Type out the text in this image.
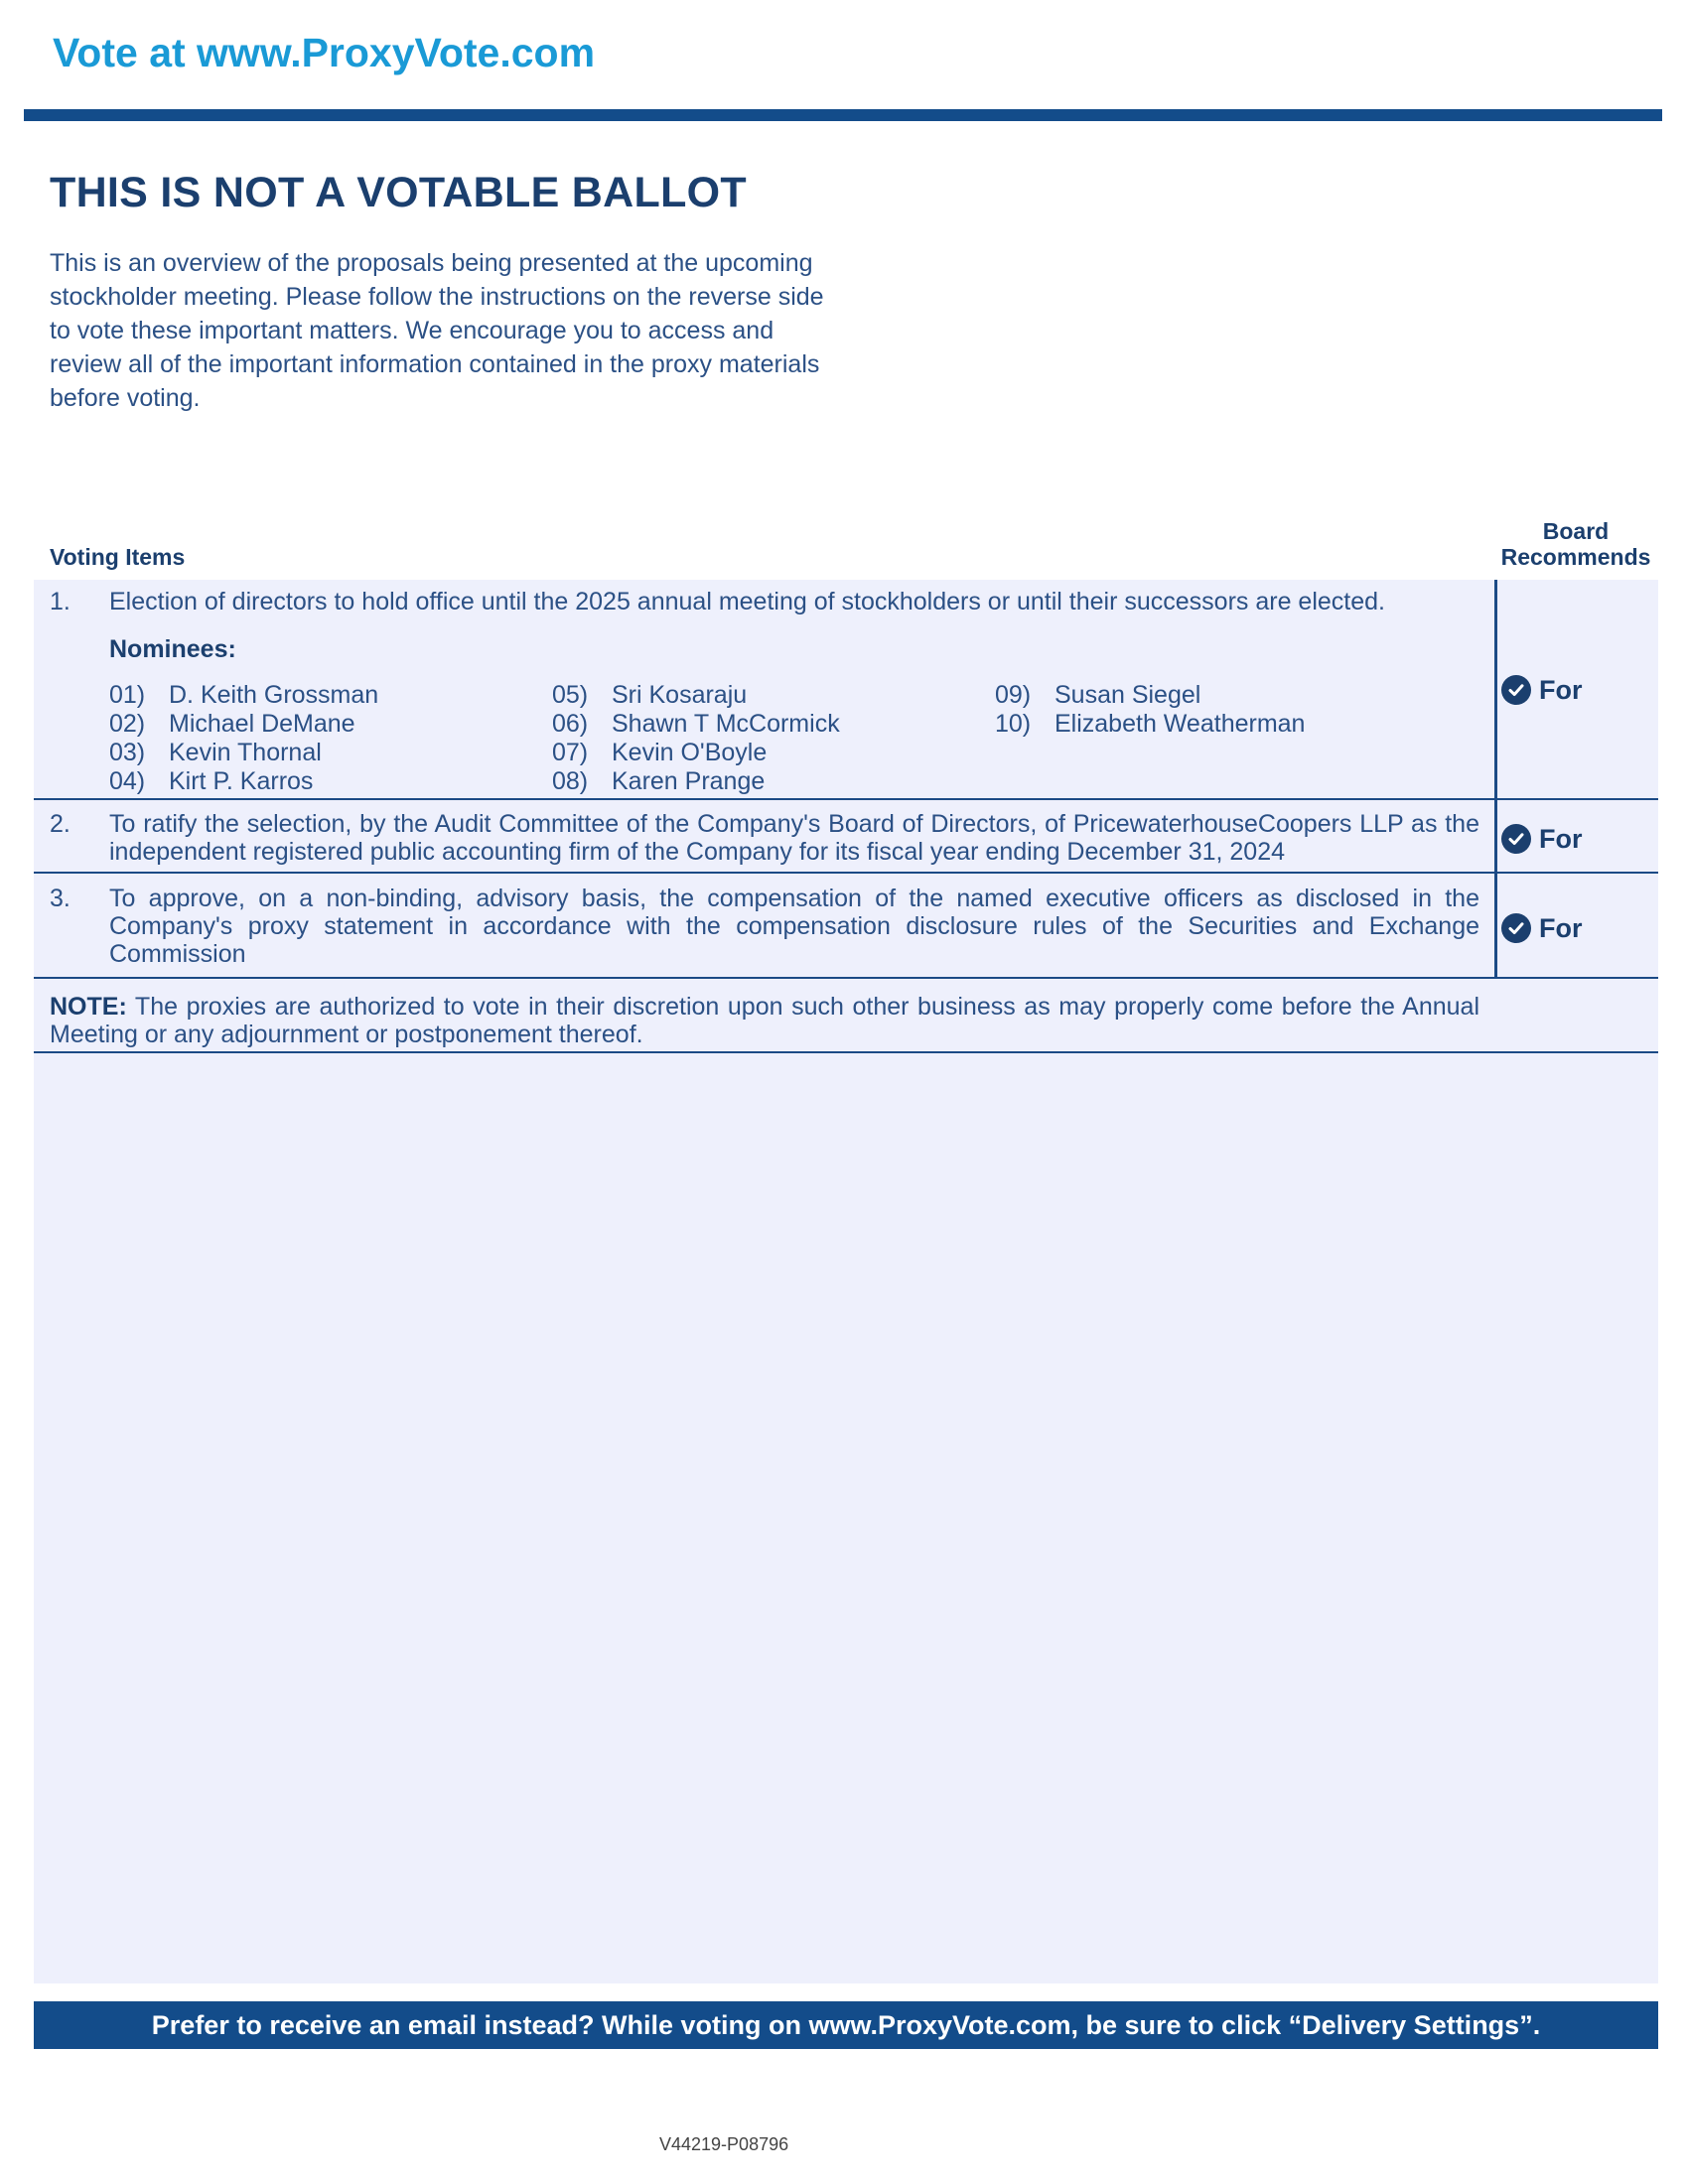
Vote at www.ProxyVote.com
THIS IS NOT A VOTABLE BALLOT
This is an overview of the proposals being presented at the upcoming stockholder meeting. Please follow the instructions on the reverse side to vote these important matters. We encourage you to access and review all of the important information contained in the proxy materials before voting.
Voting Items
Board Recommends
1. Election of directors to hold office until the 2025 annual meeting of stockholders or until their successors are elected.
Nominees:
01) D. Keith Grossman
02) Michael DeMane
03) Kevin Thornal
04) Kirt P. Karros
05) Sri Kosaraju
06) Shawn T McCormick
07) Kevin O'Boyle
08) Karen Prange
09) Susan Siegel
10) Elizabeth Weatherman
For
2. To ratify the selection, by the Audit Committee of the Company's Board of Directors, of PricewaterhouseCoopers LLP as the independent registered public accounting firm of the Company for its fiscal year ending December 31, 2024	For
3. To approve, on a non-binding, advisory basis, the compensation of the named executive officers as disclosed in the Company's proxy statement in accordance with the compensation disclosure rules of the Securities and Exchange Commission
For
NOTE: The proxies are authorized to vote in their discretion upon such other business as may properly come before the Annual Meeting or any adjournment or postponement thereof.
Prefer to receive an email instead? While voting on www.ProxyVote.com, be sure to click “Delivery Settings”.
V44219-P08796
